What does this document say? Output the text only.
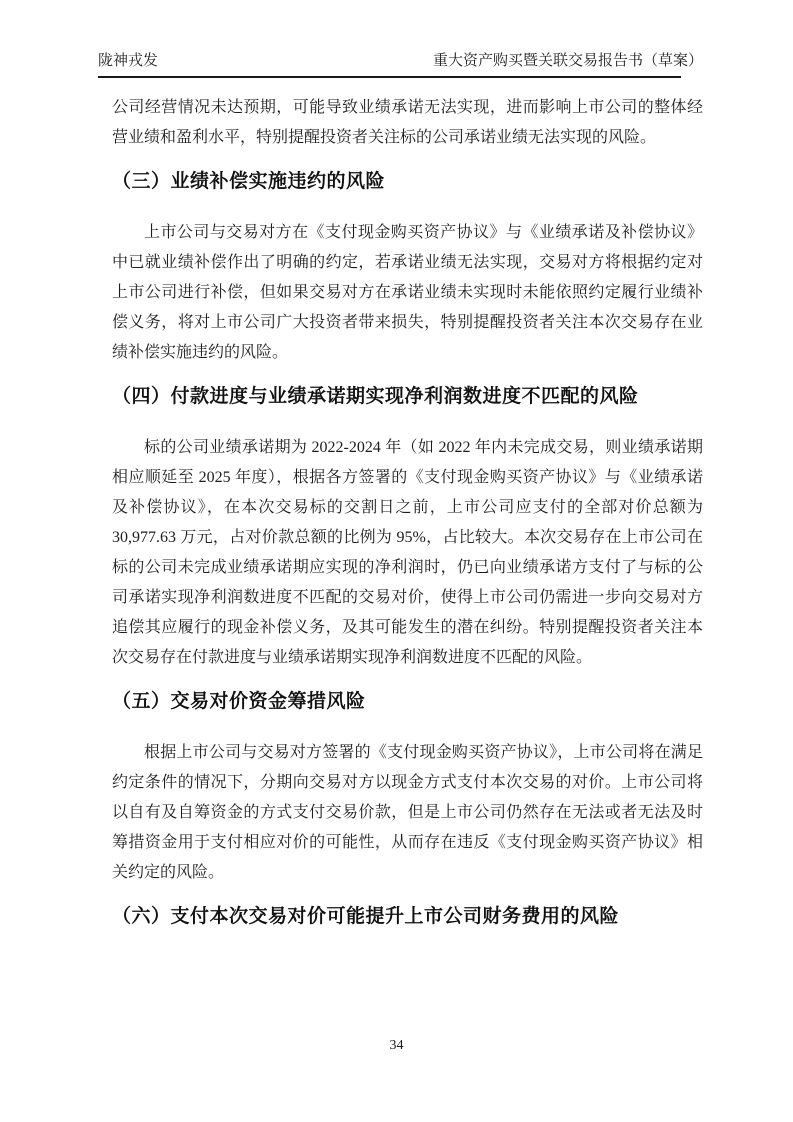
陇神戎发	重大资产购买暨关联交易报告书（草案）

公司经营情况未达预期，可能导致业绩承诺无法实现，进而影响上市公司的整体经营业绩和盈利水平，特别提醒投资者关注标的公司承诺业绩无法实现的风险。

（三）业绩补偿实施违约的风险

上市公司与交易对方在《支付现金购买资产协议》与《业绩承诺及补偿协议》中已就业绩补偿作出了明确的约定，若承诺业绩无法实现，交易对方将根据约定对上市公司进行补偿，但如果交易对方在承诺业绩未实现时未能依照约定履行业绩补偿义务，将对上市公司广大投资者带来损失，特别提醒投资者关注本次交易存在业绩补偿实施违约的风险。

（四）付款进度与业绩承诺期实现净利润数进度不匹配的风险

标的公司业绩承诺期为 2022-2024 年（如 2022 年内未完成交易，则业绩承诺期相应顺延至 2025 年度），根据各方签署的《支付现金购买资产协议》与《业绩承诺及补偿协议》，在本次交易标的交割日之前，上市公司应支付的全部对价总额为 30,977.63 万元，占对价款总额的比例为 95%，占比较大。本次交易存在上市公司在标的公司未完成业绩承诺期应实现的净利润时，仍已向业绩承诺方支付了与标的公司承诺实现净利润数进度不匹配的交易对价，使得上市公司仍需进一步向交易对方追偿其应履行的现金补偿义务，及其可能发生的潜在纠纷。特别提醒投资者关注本次交易存在付款进度与业绩承诺期实现净利润数进度不匹配的风险。

（五）交易对价资金筹措风险

根据上市公司与交易对方签署的《支付现金购买资产协议》，上市公司将在满足约定条件的情况下，分期向交易对方以现金方式支付本次交易的对价。上市公司将以自有及自筹资金的方式支付交易价款，但是上市公司仍然存在无法或者无法及时筹措资金用于支付相应对价的可能性，从而存在违反《支付现金购买资产协议》相关约定的风险。

（六）支付本次交易对价可能提升上市公司财务费用的风险
34
